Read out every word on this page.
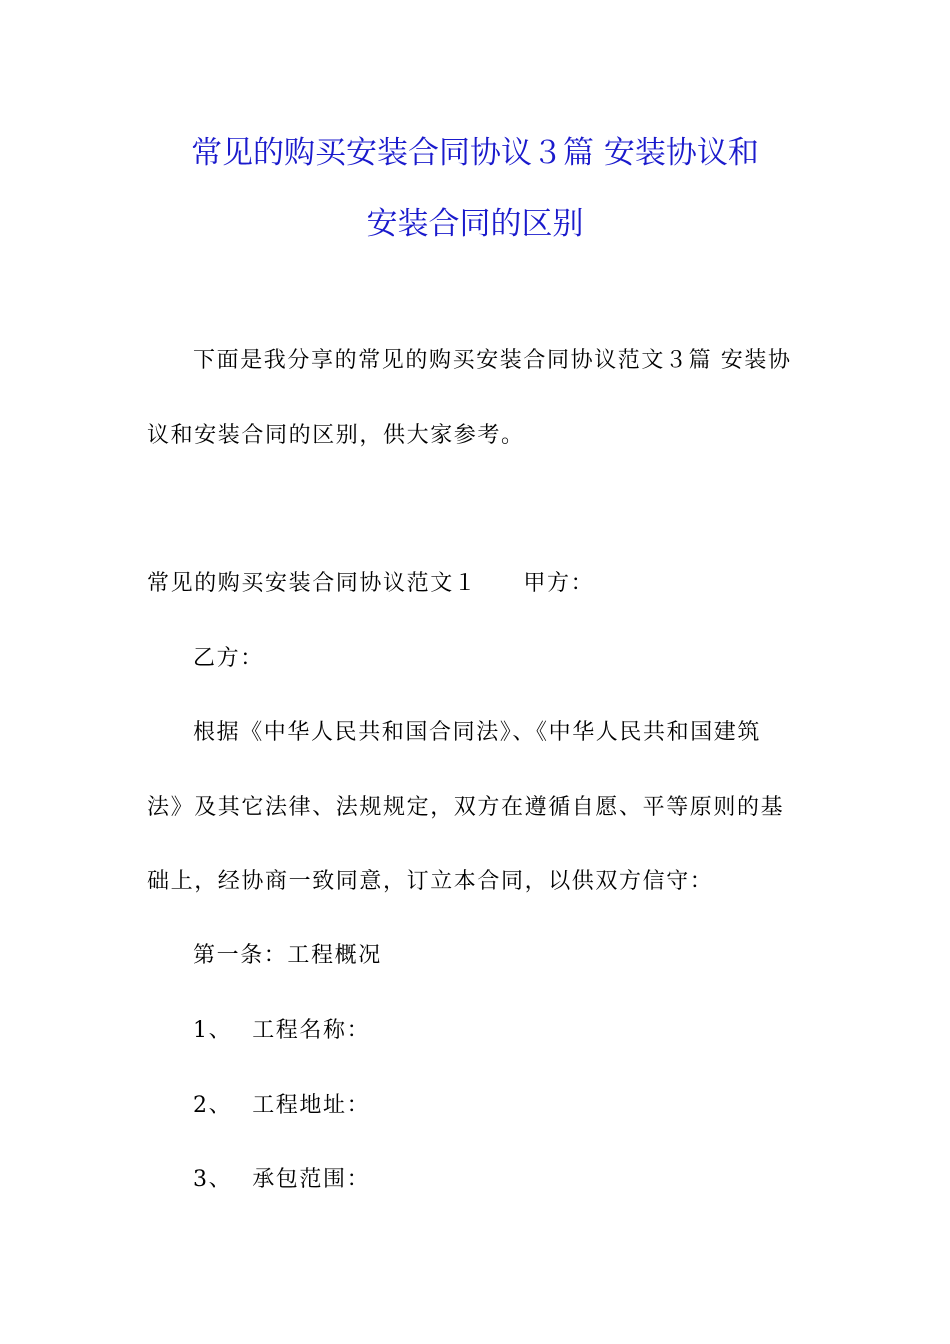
常见的购买安装合同协议３篇 安装协议和
安装合同的区别
下面是我分享的常见的购买安装合同协议范文３篇 安装协
议和安装合同的区别，供大家参考。
常见的购买安装合同协议范文１ 甲方：
乙方：
根据《中华人民共和国合同法》、《中华人民共和国建筑
法》及其它法律、法规规定，双方在遵循自愿、平等原则的基
础上，经协商一致同意，订立本合同，以供双方信守：
第一条：工程概况
1、 工程名称：
2、 工程地址：
3、 承包范围：
